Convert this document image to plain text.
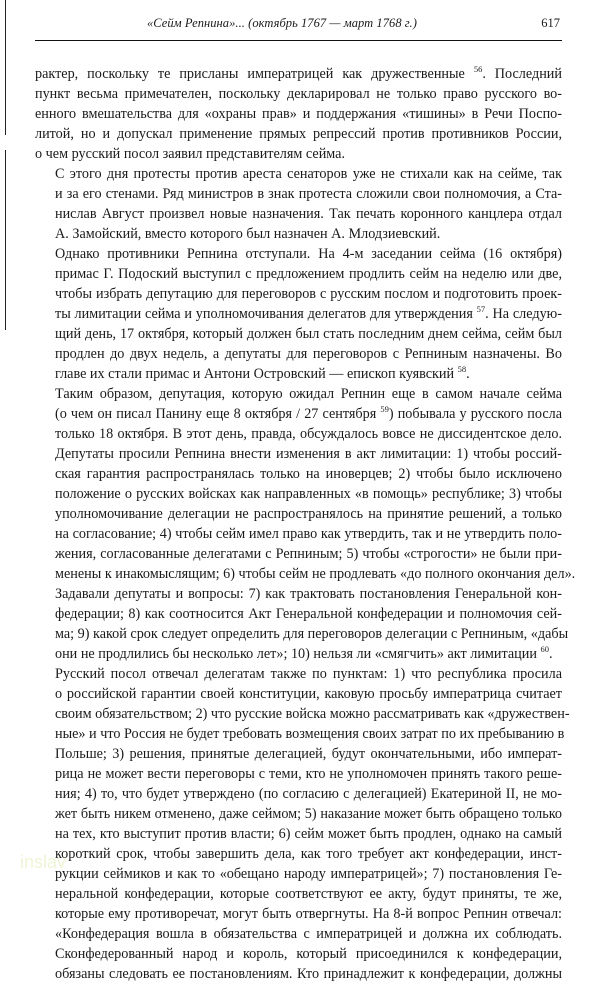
«Сейм Репнина»... (октябрь 1767 — март 1768 г.)	617

рактер, поскольку те присланы императрицей как дружественные $^{56}$. Последний
пункт весьма примечателен, поскольку декларировал не только право русского во-
енного вмешательства для «охраны прав» и поддержания «тишины» в Речи Поспо-
литой, но и допускал применение прямых репрессий против противников России,
о чем русский посол заявил представителям сейма.

С этого дня протесты против ареста сенаторов уже не стихали как на сейме, так
и за его стенами. Ряд министров в знак протеста сложили свои полномочия, а Ста-
нислав Август произвел новые назначения. Так печать коронного канцлера отдал
А. Замойский, вместо которого был назначен А. Млодзиевский.

Однако противники Репнина отступали. На 4-м заседании сейма (16 октября)
примас Г. Подоский выступил с предложением продлить сейм на неделю или две,
чтобы избрать депутацию для переговоров с русским послом и подготовить проек-
ты лимитации сейма и уполномочивания делегатов для утверждения $^{57}$. На следую-
щий день, 17 октября, который должен был стать последним днем сейма, сейм был
продлен до двух недель, а депутаты для переговоров с Репниным назначены. Во
главе их стали примас и Антони Островский — епископ куявский $^{58}$.

Таким образом, депутация, которую ожидал Репнин еще в самом начале сейма
(о чем он писал Панину еще 8 октября / 27 сентября $^{59}$) побывала у русского посла
только 18 октября. В этот день, правда, обсуждалось вовсе не диссидентское дело.
Депутаты просили Репнина внести изменения в акт лимитации: 1) чтобы россий-
ская гарантия распространялась только на иноверцев; 2) чтобы было исключено
положение о русских войсках как направленных «в помощь» республике; 3) чтобы
уполномочивание делегации не распространялось на принятие решений, а только
на согласование; 4) чтобы сейм имел право как утвердить, так и не утвердить поло-
жения, согласованные делегатами с Репниным; 5) чтобы «строгости» не были при-
менены к инакомыслящим; 6) чтобы сейм не продлевать «до полного окончания дел».
Задавали депутаты и вопросы: 7) как трактовать постановления Генеральной кон-
федерации; 8) как соотносится Акт Генеральной конфедерации и полномочия сей-
ма; 9) какой срок следует определить для переговоров делегации с Репниным, «дабы
они не продлились бы несколько лет»; 10) нельзя ли «смягчить» акт лимитации $^{60}$.

Русский посол отвечал делегатам также по пунктам: 1) что республика просила
о российской гарантии своей конституции, каковую просьбу императрица считает
своим обязательством; 2) что русские войска можно рассматривать как «дружествен-
ные» и что Россия не будет требовать возмещения своих затрат по их пребыванию в
Польше; 3) решения, принятые делегацией, будут окончательными, ибо императ-
рица не может вести переговоры с теми, кто не уполномочен принять такого реше-
ния; 4) то, что будет утверждено (по согласию с делегацией) Екатериной II, не мо-
жет быть никем отменено, даже сеймом; 5) наказание может быть обращено только
на тех, кто выступит против власти; 6) сейм может быть продлен, однако на самый
короткий срок, чтобы завершить дела, как того требует акт конфедерации, инст-
рукции сеймиков и как то «обещано народу императрицей»; 7) постановления Ге-
неральной конфедерации, которые соответствуют ее акту, будут приняты, те же,
которые ему противоречат, могут быть отвергнуты. На 8-й вопрос Репнин отвечал:
«Конфедерация вошла в обязательства с императрицей и должна их соблюдать.
Сконфедерованный народ и король, который присоединился к конфедерации,
обязаны следовать ее постановлениям. Кто принадлежит к конфедерации, должны

inslav
